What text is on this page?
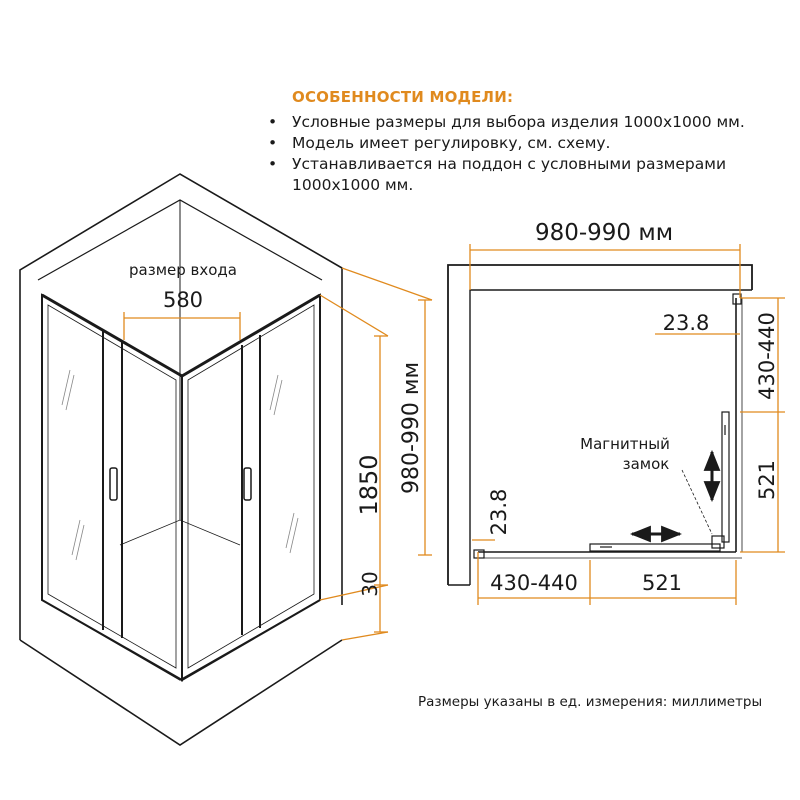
ОСОБЕННОСТИ МОДЕЛИ:
• Условные размеры для выбора изделия 1000х1000 мм.
• Модель имеет регулировку, см. схему.
• Устанавливается на поддон с условными размерами 1000х1000 мм.
размер входа
580
1850
30
980-990 мм
980-990 мм
23.8 430-440
521
23.8
430-440	521
Магнитный
замок
Размеры указаны в ед. измерения: миллиметры
